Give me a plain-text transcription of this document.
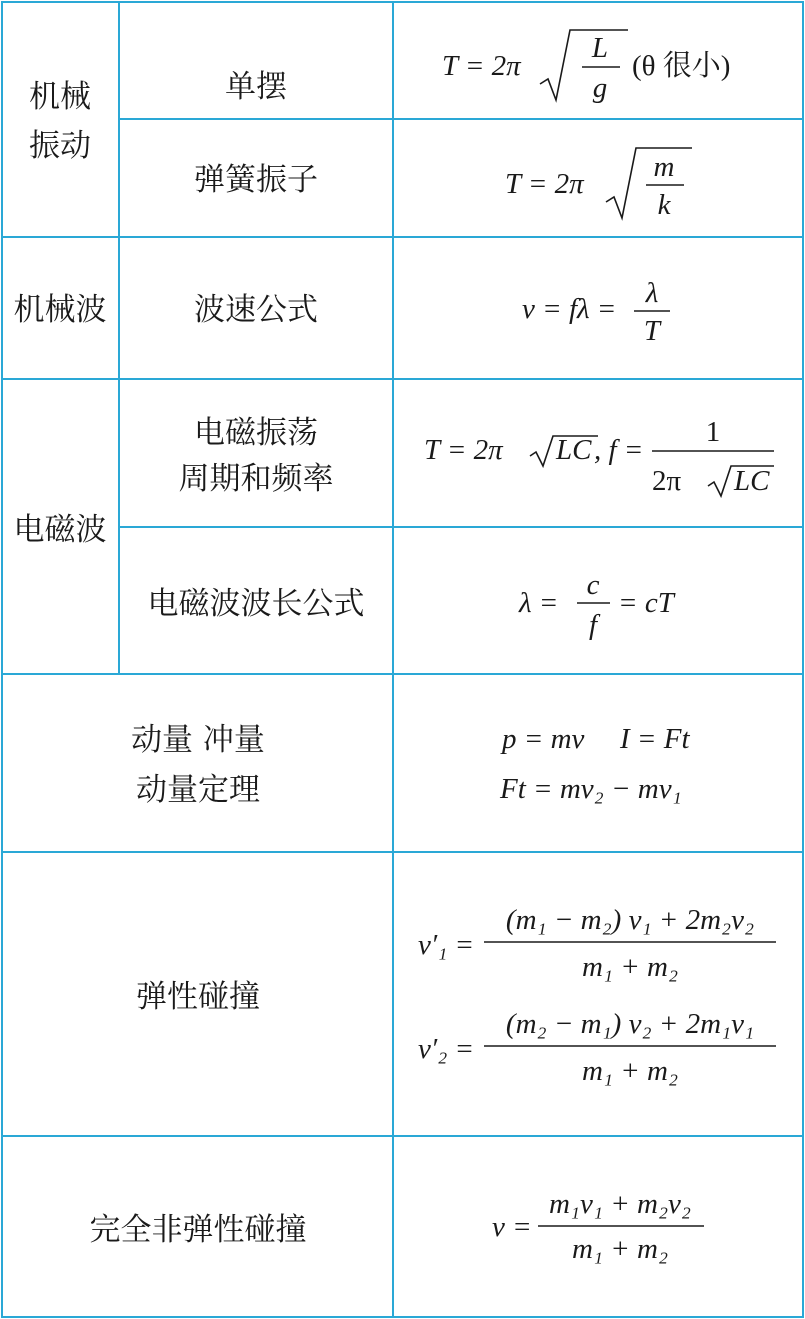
机械
振动
机械波
电磁波
单摆
弹簧振子
波速公式
电磁振荡
周期和频率
电磁波波长公式
动量 冲量
动量定理
弹性碰撞
完全非弹性碰撞
T = 2π
L
g
(θ 很小)
T = 2π
m
k
v = fλ = λ
T
T = 2π LC , f =
1
2π LC
λ =
c
f
= cT
p = mv I = Ft
Ft = mv₂ − mv₁
v′₁ =
(m₁ − m₂) v₁ + 2m₂v₂
m₁ + m₂
v′₂ =
(m₂ − m₁) v₂ + 2m₁v₁
m₁ + m₂
v =
m₁v₁ + m₂v₂
m₁ + m₂
